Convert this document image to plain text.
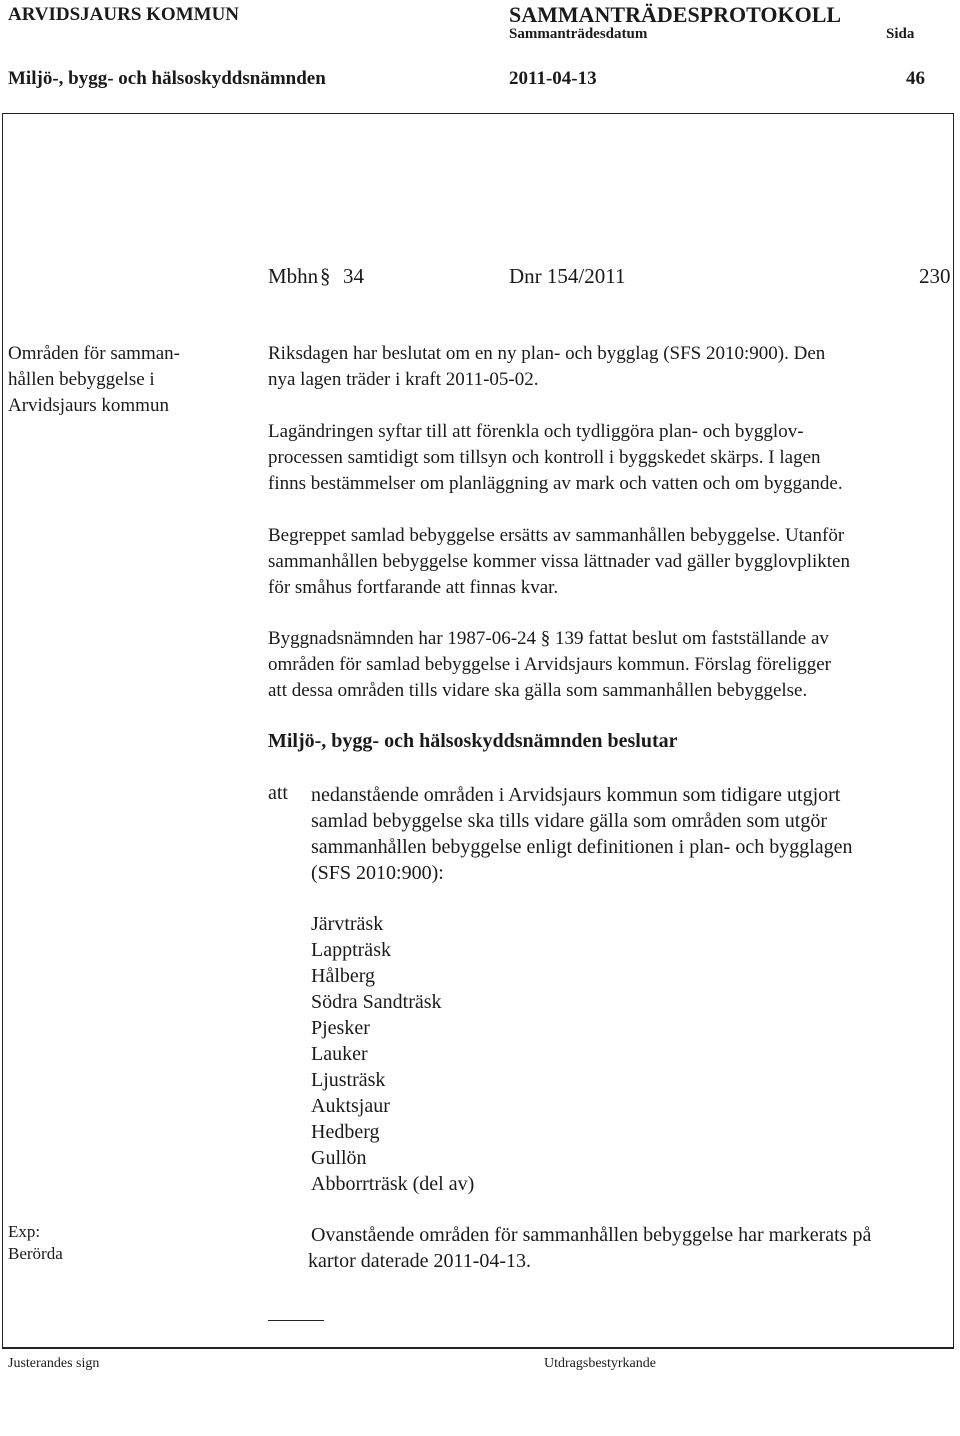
ARVIDSJAURS KOMMUN	SAMMANTRÄDESPROTOKOLL
Sammanträdesdatum	Sida
Miljö-, bygg- och hälsoskyddsnämnden	2011-04-13	46
Mbhn § 34	Dnr 154/2011	230
Områden för samman-
hållen bebyggelse i
Arvidsjaurs kommun
Riksdagen har beslutat om en ny plan- och bygglag (SFS 2010:900). Den
nya lagen träder i kraft 2011-05-02.
Lagändringen syftar till att förenkla och tydliggöra plan- och bygglov-
processen samtidigt som tillsyn och kontroll i byggskedet skärps. I lagen
finns bestämmelser om planläggning av mark och vatten och om byggande.
Begreppet samlad bebyggelse ersätts av sammanhållen bebyggelse. Utanför
sammanhållen bebyggelse kommer vissa lättnader vad gäller bygglovplikten
för småhus fortfarande att finnas kvar.
Byggnadsnämnden har 1987-06-24 § 139 fattat beslut om fastställande av
områden för samlad bebyggelse i Arvidsjaurs kommun. Förslag föreligger
att dessa områden tills vidare ska gälla som sammanhållen bebyggelse.
Miljö-, bygg- och hälsoskyddsnämnden beslutar
att nedanstående områden i Arvidsjaurs kommun som tidigare utgjort
samlad bebyggelse ska tills vidare gälla som områden som utgör
sammanhållen bebyggelse enligt definitionen i plan- och bygglagen
(SFS 2010:900):
Järvträsk
Lappträsk
Hålberg
Södra Sandträsk
Pjesker
Lauker
Ljusträsk
Auktsjaur
Hedberg
Gullön
Abborrträsk (del av)
Exp:
Berörda
Ovanstående områden för sammanhållen bebyggelse har markerats på
kartor daterade 2011-04-13.
Justerandes sign	Utdragsbestyrkande
